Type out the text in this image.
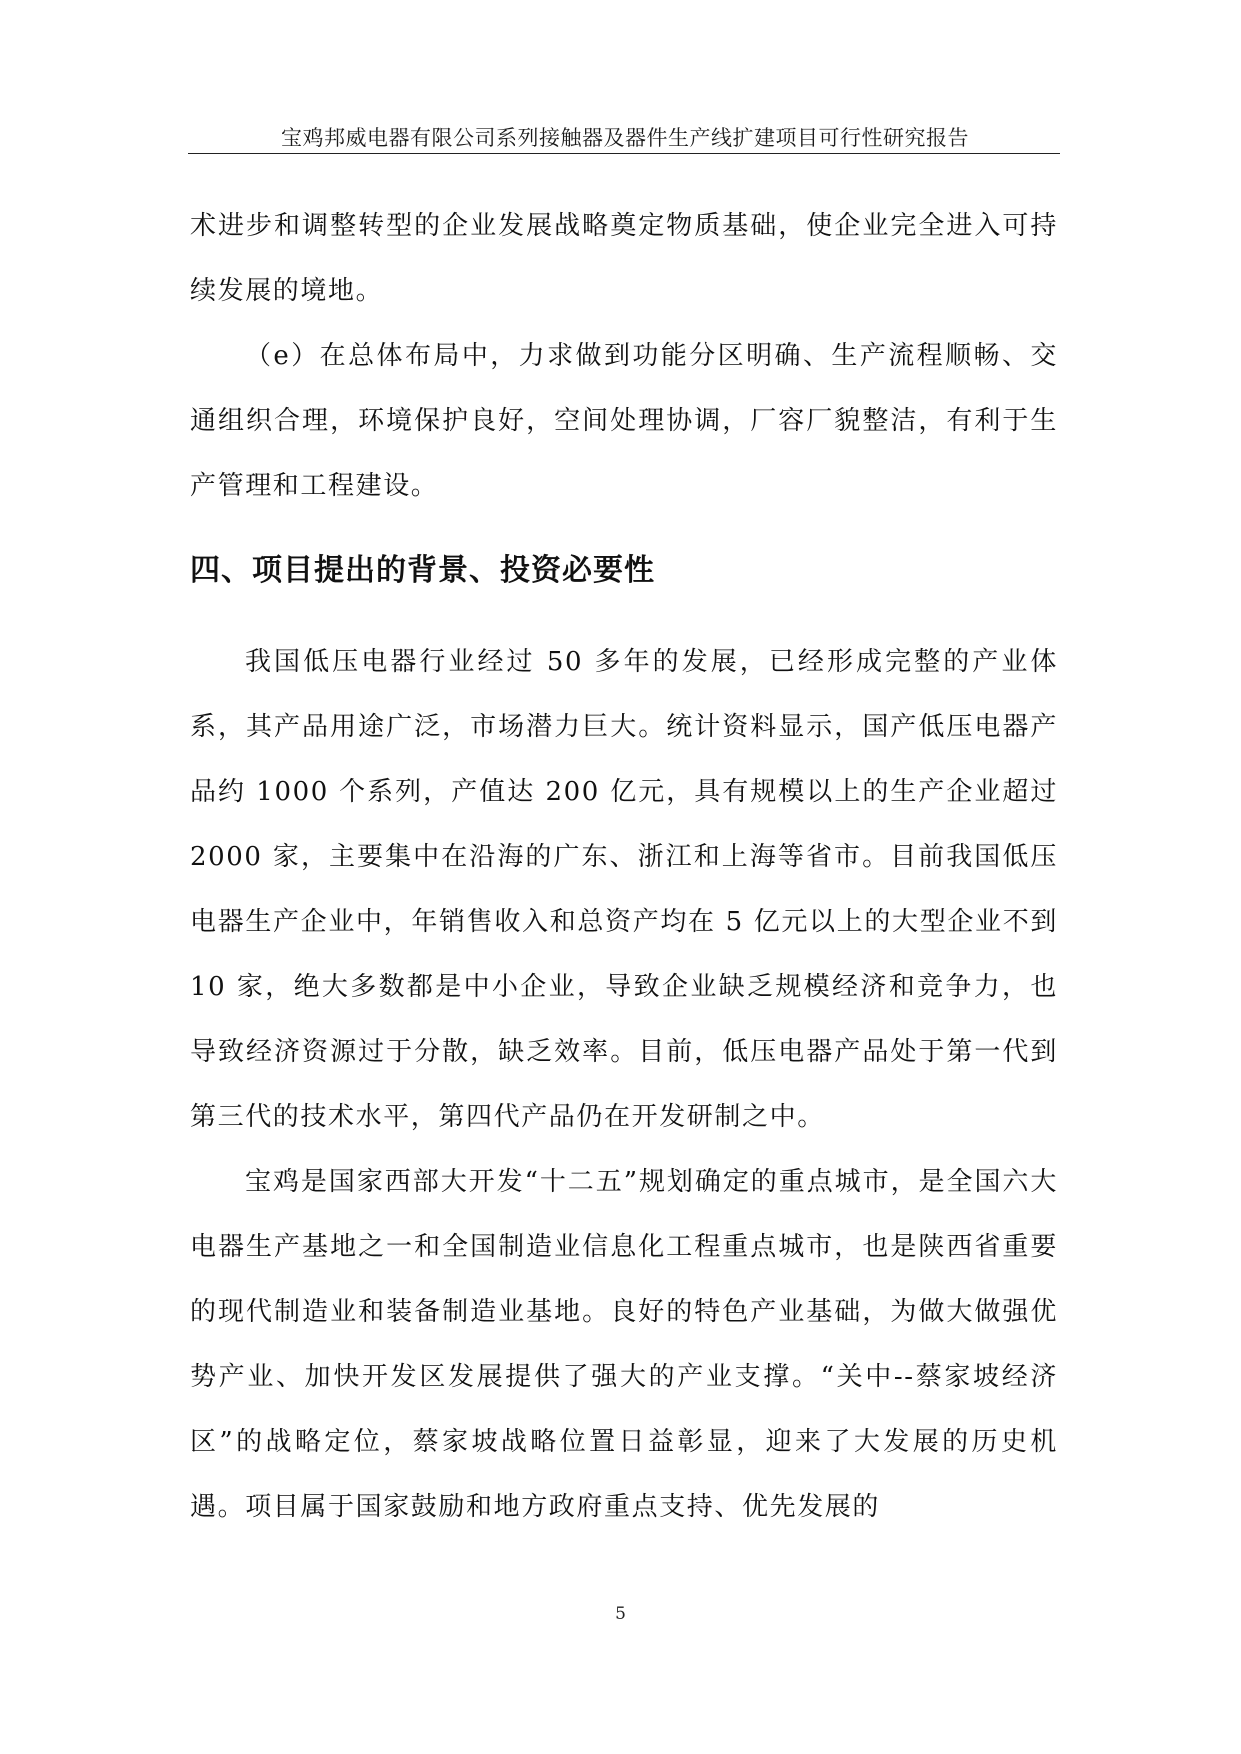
宝鸡邦威电器有限公司系列接触器及器件生产线扩建项目可行性研究报告

术进步和调整转型的企业发展战略奠定物质基础，使企业完全进入可持续发展的境地。

（e）在总体布局中，力求做到功能分区明确、生产流程顺畅、交通组织合理，环境保护良好，空间处理协调，厂容厂貌整洁，有利于生产管理和工程建设。

四、项目提出的背景、投资必要性

我国低压电器行业经过 50 多年的发展，已经形成完整的产业体系，其产品用途广泛，市场潜力巨大。统计资料显示，国产低压电器产品约 1000 个系列，产值达 200 亿元，具有规模以上的生产企业超过 2000 家，主要集中在沿海的广东、浙江和上海等省市。目前我国低压电器生产企业中，年销售收入和总资产均在 5 亿元以上的大型企业不到 10 家，绝大多数都是中小企业，导致企业缺乏规模经济和竞争力，也导致经济资源过于分散，缺乏效率。目前，低压电器产品处于第一代到第三代的技术水平，第四代产品仍在开发研制之中。

宝鸡是国家西部大开发“十二五”规划确定的重点城市，是全国六大电器生产基地之一和全国制造业信息化工程重点城市，也是陕西省重要的现代制造业和装备制造业基地。良好的特色产业基础，为做大做强优势产业、加快开发区发展提供了强大的产业支撑。“关中--蔡家坡经济区”的战略定位，蔡家坡战略位置日益彰显，迎来了大发展的历史机遇。项目属于国家鼓励和地方政府重点支持、优先发展的

5
